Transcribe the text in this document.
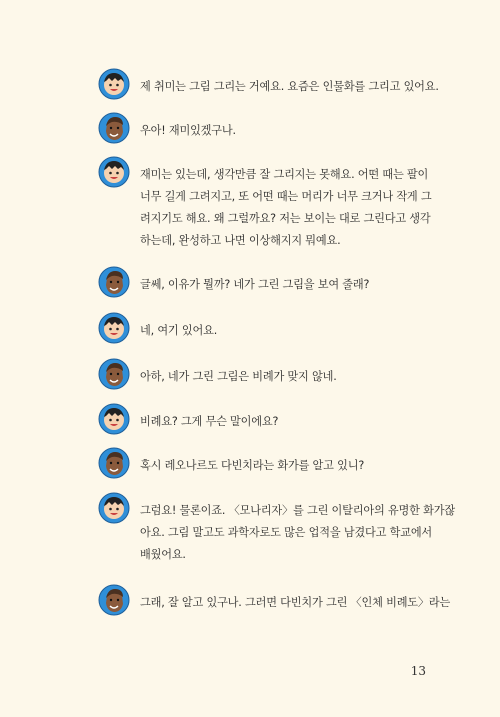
제 취미는 그림 그리는 거예요. 요즘은 인물화를 그리고 있어요.
우아! 재미있겠구나.
재미는 있는데, 생각만큼 잘 그리지는 못해요. 어떤 때는 팔이
너무 길게 그려지고, 또 어떤 때는 머리가 너무 크거나 작게 그
려지기도 해요. 왜 그럴까요? 저는 보이는 대로 그린다고 생각
하는데, 완성하고 나면 이상해지지 뭐예요.
글쎄, 이유가 뭘까? 네가 그린 그림을 보여 줄래?
네, 여기 있어요.
아하, 네가 그린 그림은 비례가 맞지 않네.
비례요? 그게 무슨 말이에요?
혹시 레오나르도 다빈치라는 화가를 알고 있니?
그럼요! 물론이죠. 〈모나리자〉를 그린 이탈리아의 유명한 화가잖
아요. 그림 말고도 과학자로도 많은 업적을 남겼다고 학교에서
배웠어요.
그래, 잘 알고 있구나. 그러면 다빈치가 그린 〈인체 비례도〉라는
13
